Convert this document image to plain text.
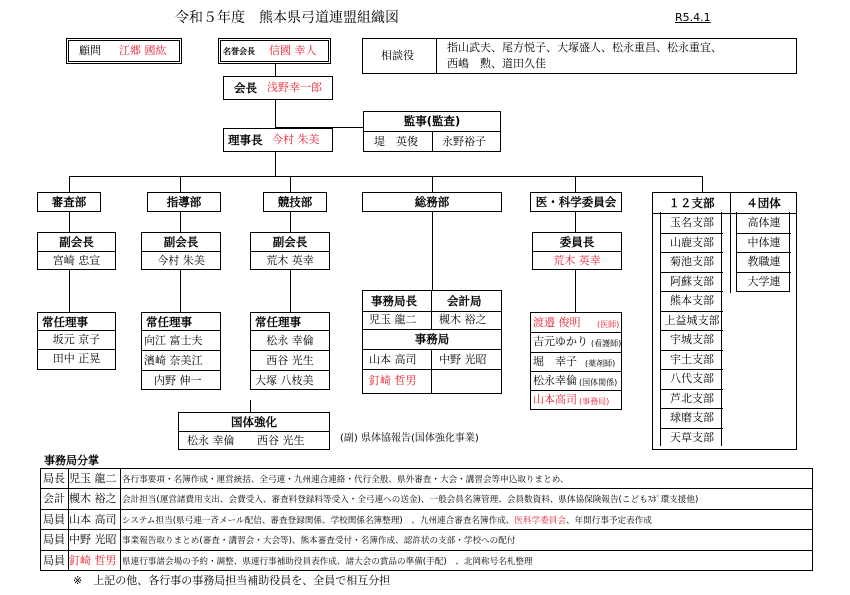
令和５年度　熊本県弓道連盟組織図	R5.4.1
顧問 江郷 國紘	名誉会長 信國 幸人	相談役
指山武夫、尾方悦子、大塚盛人、松永重昌、松永重宜、
西嶋　勲、道田久佳
会長 浅野幸一郎
監事(監査)
堤　英俊 永野裕子
理事長 今村 朱美
審査部
副会長
宮崎 忠宣
常任理事
坂元 京子
田中 正晃
指導部
副会長
今村 朱美
常任理事
向江 富士夫
濱崎 奈美江
内野 伸一
競技部
副会長
荒木 英幸
常任理事
松永 幸倫
西谷 光生
大塚 八枝美
総務部
事務局長	会計局
児玉 龍二 槻木 裕之
事務局
山本 高司 中野 光昭
釘崎 哲男
医・科学委員会
委員長
荒木 英幸
渡邉 俊明 (医師)
吉元ゆかり (看護師)
堀　幸子 (薬剤師)
松永幸倫 (国体関係)
山本高司 (事務局)
１２支部	４団体
玉名支部
山鹿支部
菊池支部
阿蘇支部
熊本支部
上益城支部
宇城支部
宇土支部
八代支部
芦北支部
球磨支部
天草支部
高体連
中体連
教職連
大学連
国体強化
松永 幸倫 西谷 光生	(副) 県体協報告(国体強化事業)
事務局分掌
局長 児玉 龍二 各行事要項・名簿作成・運営統括、全弓連・九州連合連絡・代行全般、県外審査・大会・講習会等申込取りまとめ、
会計 槻木 裕之 会計担当(運営諸費用支出、会費受入、審査料登録料等受入・全弓連への送金)、一般会員名簿管理、会員数資料、県体協保険報告(こどもｽﾎﾟ環支援他)
局員 山本 高司 システム担当(県弓連一斉メール配信、審査登録関係、学校関係名簿整理)　、九州連合審査名簿作成、医科学委員会、年間行事予定表作成
局員 中野 光昭 事業報告取りまとめ(審査・講習会・大会等)、熊本審査受付・名簿作成、認許状の支部・学校への配付
局員 釘崎 哲男 県連行事諸会場の予約・調整、県連行事補助役員表作成、諸大会の賞品の準備(手配)　、北岡称号名札整理
※　上記の他、各行事の事務局担当補助役員を、全員で相互分担
